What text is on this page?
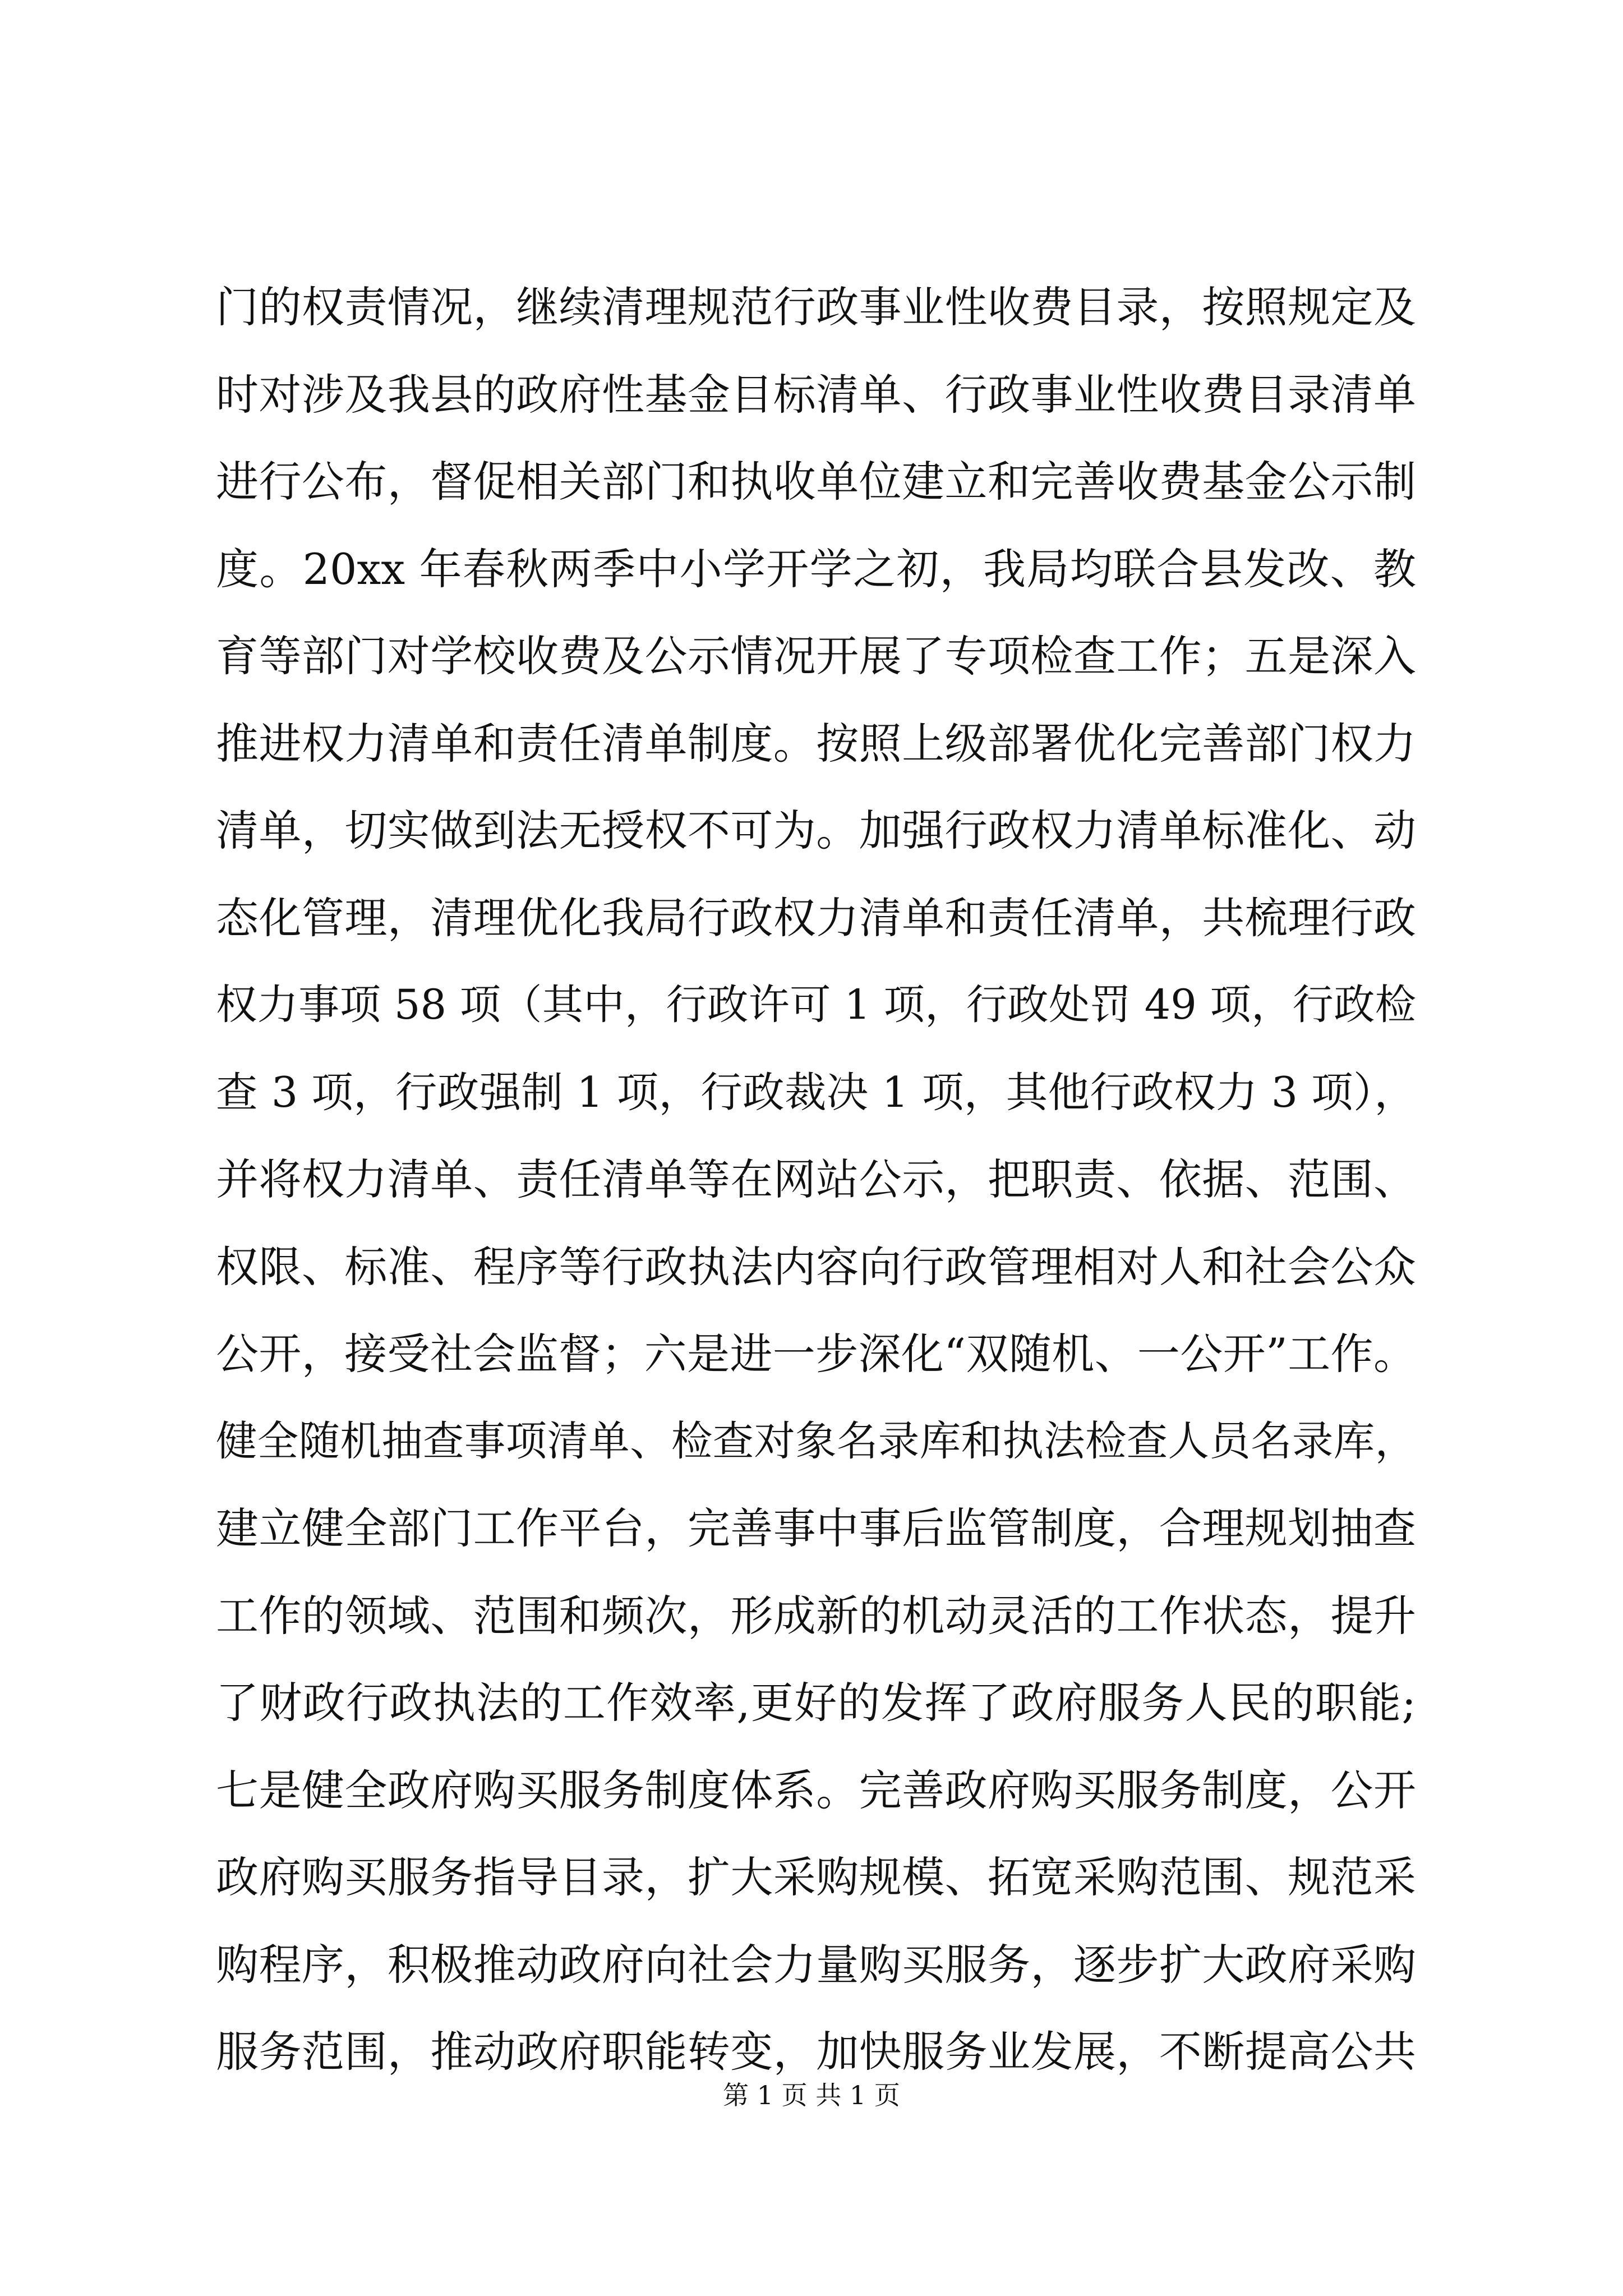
门的权责情况，继续清理规范行政事业性收费目录，按照规定及
时对涉及我县的政府性基金目标清单、行政事业性收费目录清单
进行公布，督促相关部门和执收单位建立和完善收费基金公示制
度。20xx 年春秋两季中小学开学之初，我局均联合县发改、教
育等部门对学校收费及公示情况开展了专项检查工作；五是深入
推进权力清单和责任清单制度。按照上级部署优化完善部门权力
清单，切实做到法无授权不可为。加强行政权力清单标准化、动
态化管理，清理优化我局行政权力清单和责任清单，共梳理行政
权力事项 58 项（其中，行政许可 1 项，行政处罚 49 项，行政检
查 3 项，行政强制 1 项，行政裁决 1 项，其他行政权力 3 项），
并将权力清单、责任清单等在网站公示，把职责、依据、范围、
权限、标准、程序等行政执法内容向行政管理相对人和社会公众
公开，接受社会监督；六是进一步深化“双随机、一公开”工作。
健全随机抽查事项清单、检查对象名录库和执法检查人员名录库，
建立健全部门工作平台，完善事中事后监管制度，合理规划抽查
工作的领域、范围和频次，形成新的机动灵活的工作状态，提升
了财政行政执法的工作效率,更好的发挥了政府服务人民的职能;
七是健全政府购买服务制度体系。完善政府购买服务制度，公开
政府购买服务指导目录，扩大采购规模、拓宽采购范围、规范采
购程序，积极推动政府向社会力量购买服务，逐步扩大政府采购
服务范围，推动政府职能转变，加快服务业发展，不断提高公共
第 1 页 共 1 页
